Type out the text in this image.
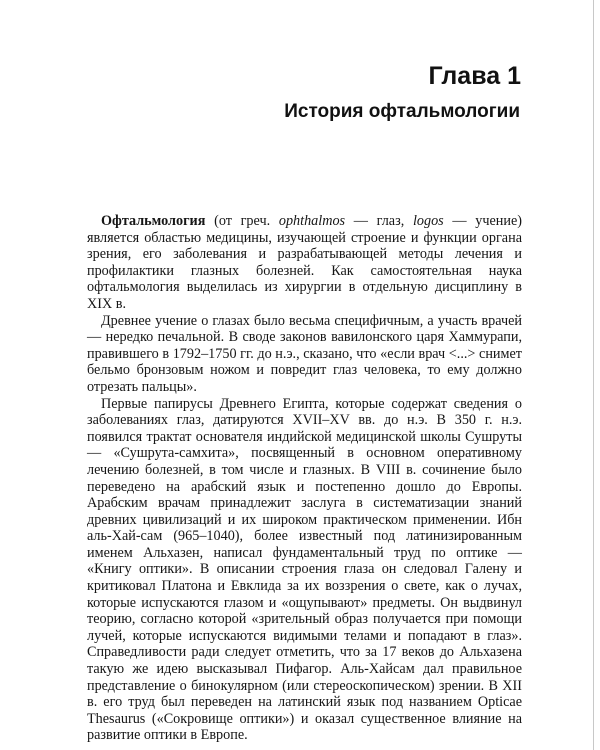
Глава 1
История офтальмологии

Офтальмология (от греч. ophthalmos — глаз, logos — учение) является областью медицины, изучающей строение и функции органа зрения, его заболевания и разрабатывающей методы лечения и профилактики глазных болезней. Как самостоятельная наука офтальмология выделилась из хирургии в отдельную дисциплину в XIX в.

Древнее учение о глазах было весьма специфичным, а участь врачей — нередко печальной. В своде законов вавилонского царя Хаммурапи, правившего в 1792–1750 гг. до н.э., сказано, что «если врач <...> снимет бельмо бронзовым ножом и повредит глаз человека, то ему должно отрезать пальцы».

Первые папирусы Древнего Египта, которые содержат сведения о заболеваниях глаз, датируются XVII–XV вв. до н.э. В 350 г. н.э. появился трактат основателя индийской медицинской школы Сушруты — «Сушрута-самхита», посвященный в основном оперативному лечению болезней, в том числе и глазных. В VIII в. сочинение было переведено на арабский язык и постепенно дошло до Европы. Арабским врачам принадлежит заслуга в систематизации знаний древних цивилизаций и их широком практическом применении. Ибн аль-Хай-сам (965–1040), более известный под латинизированным именем Альхазен, написал фундаментальный труд по оптике — «Книгу оптики». В описании строения глаза он следовал Галену и критиковал Платона и Евклида за их воззрения о свете, как о лучах, которые испускаются глазом и «ощупывают» предметы. Он выдвинул теорию, согласно которой «зрительный образ получается при помощи лучей, которые испускаются видимыми телами и попадают в глаз». Справедливости ради следует отметить, что за 17 веков до Альхазена такую же идею высказывал Пифагор. Аль-Хайсам дал правильное представление о бинокулярном (или стереоскопическом) зрении. В XII в. его труд был переведен на латинский язык под названием Opticae Thesaurus («Сокровище оптики») и оказал существенное влияние на развитие оптики в Европе.
